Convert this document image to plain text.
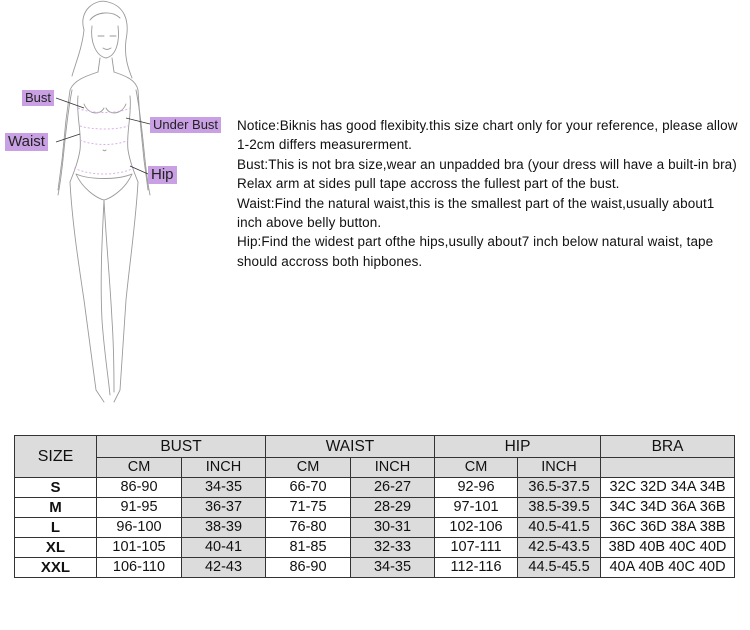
Bust
Under Bust
Waist
Hip

Notice:Biknis has good flexibity.this size chart only for your reference, please allow 1-2cm differs measurerment.

Bust:This is not bra size,wear an unpadded bra (your dress will have a built-in bra) Relax arm at sides pull tape accross the fullest part of the bust.

Waist:Find the natural waist,this is the smallest part of the waist,usually about1 inch above belly button.

Hip:Find the widest part ofthe hips,usully about7 inch below natural waist, tape should accross both hipbones.

SIZE	BUST		WAIST		HIP		BRA
	CM	INCH	CM	INCH	CM	INCH	
S	86-90	34-35	66-70	26-27	92-96	36.5-37.5	32C 32D 34A 34B
M	91-95	36-37	71-75	28-29	97-101	38.5-39.5	34C 34D 36A 36B
L	96-100	38-39	76-80	30-31	102-106	40.5-41.5	36C 36D 38A 38B
XL	101-105	40-41	81-85	32-33	107-111	42.5-43.5	38D 40B 40C 40D
XXL	106-110	42-43	86-90	34-35	112-116	44.5-45.5	40A 40B 40C 40D
